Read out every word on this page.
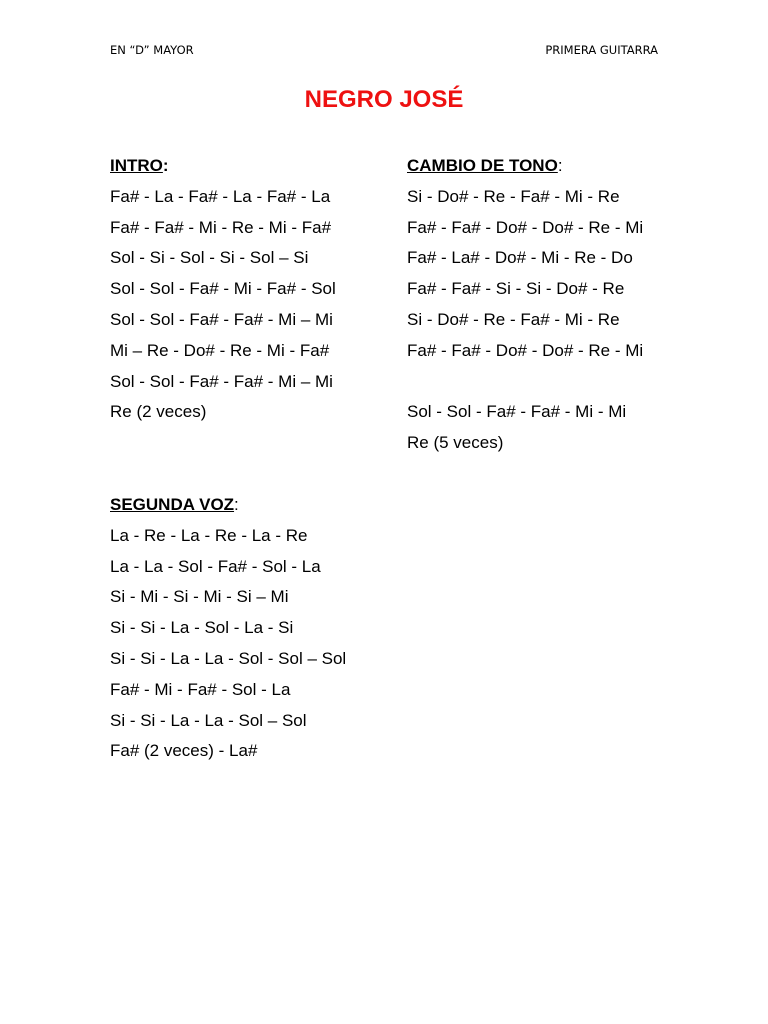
EN “D” MAYOR	PRIMERA GUITARRA
NEGRO JOSÉ
INTRO:
Fa# - La - Fa# - La - Fa# - La
Fa# - Fa# - Mi - Re - Mi - Fa#
Sol - Si - Sol - Si - Sol – Si
Sol - Sol - Fa# - Mi - Fa# - Sol
Sol - Sol - Fa# - Fa# - Mi – Mi
Mi – Re - Do# - Re - Mi - Fa#
Sol - Sol - Fa# - Fa# - Mi – Mi
Re (2 veces)
CAMBIO DE TONO:
Si - Do# - Re - Fa# - Mi - Re
Fa# - Fa# - Do# - Do# - Re - Mi
Fa# - La# - Do# - Mi - Re - Do
Fa# - Fa# - Si - Si - Do# - Re
Si - Do# - Re - Fa# - Mi - Re
Fa# - Fa# - Do# - Do# - Re - Mi
Sol - Sol - Fa# - Fa# - Mi - Mi
Re (5 veces)
SEGUNDA VOZ:
La - Re - La - Re - La - Re
La - La - Sol - Fa# - Sol - La
Si - Mi - Si - Mi - Si – Mi
Si - Si - La - Sol - La - Si
Si - Si - La - La - Sol - Sol – Sol
Fa# - Mi - Fa# - Sol - La
Si - Si - La - La - Sol – Sol
Fa# (2 veces) - La#
